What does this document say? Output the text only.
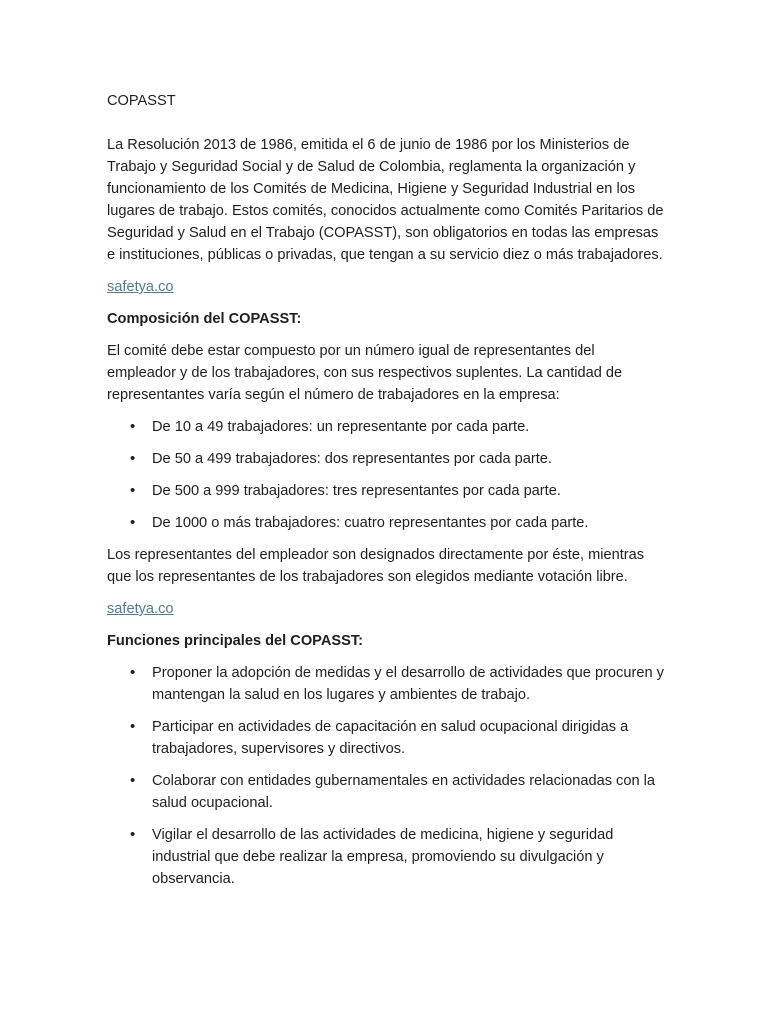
COPASST

La Resolución 2013 de 1986, emitida el 6 de junio de 1986 por los Ministerios de Trabajo y Seguridad Social y de Salud de Colombia, reglamenta la organización y funcionamiento de los Comités de Medicina, Higiene y Seguridad Industrial en los lugares de trabajo. Estos comités, conocidos actualmente como Comités Paritarios de Seguridad y Salud en el Trabajo (COPASST), son obligatorios en todas las empresas e instituciones, públicas o privadas, que tengan a su servicio diez o más trabajadores.

safetya.co
Composición del COPASST:

El comité debe estar compuesto por un número igual de representantes del empleador y de los trabajadores, con sus respectivos suplentes. La cantidad de representantes varía según el número de trabajadores en la empresa:

• De 10 a 49 trabajadores: un representante por cada parte.
• De 50 a 499 trabajadores: dos representantes por cada parte.
• De 500 a 999 trabajadores: tres representantes por cada parte.
• De 1000 o más trabajadores: cuatro representantes por cada parte.

Los representantes del empleador son designados directamente por éste, mientras que los representantes de los trabajadores son elegidos mediante votación libre.

safetya.co
Funciones principales del COPASST:
• Proponer la adopción de medidas y el desarrollo de actividades que procuren y mantengan la salud en los lugares y ambientes de trabajo.
• Participar en actividades de capacitación en salud ocupacional dirigidas a trabajadores, supervisores y directivos.
• Colaborar con entidades gubernamentales en actividades relacionadas con la salud ocupacional.
• Vigilar el desarrollo de las actividades de medicina, higiene y seguridad industrial que debe realizar la empresa, promoviendo su divulgación y observancia.
